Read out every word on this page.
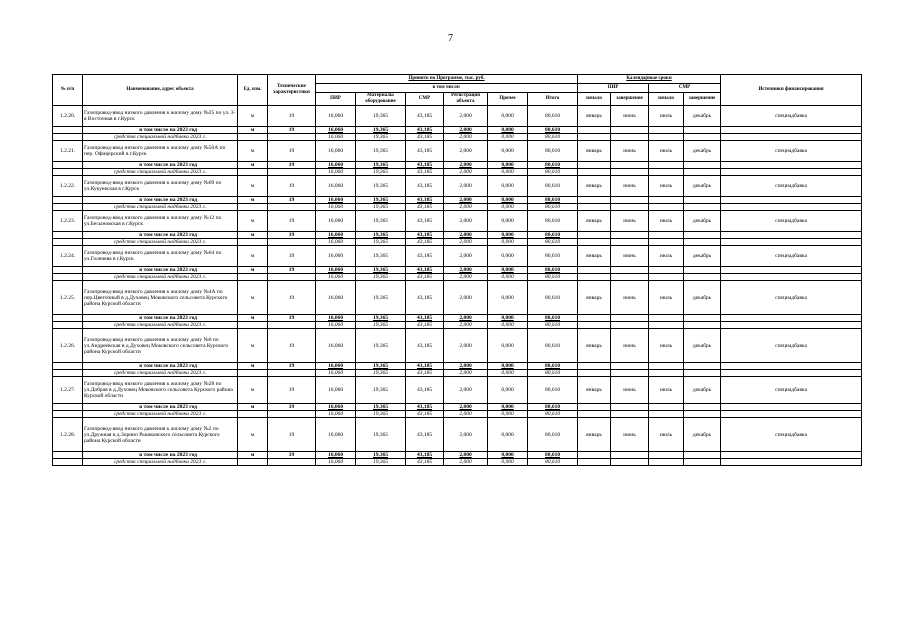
7
№ п/п	Наименование, адрес объекта	Ед. изм.	Технические характеристики	Принято по Программе, тыс. руб.						Календарные сроки				Источники финансирования
				в том числе:						ПИР		СМР		
				ПИР	Материалы оборудование	СМР	Регистрация объекта	Прочее	Итого	начало	завершение	начало	завершение	
1.2.20.	Газопровод-ввод низкого давления к жилому дому №25 по ул. 3-я Восточная в г.Курск	м	19	16,060	19,365	43,185	2,000	0,000	80,610	январь	июнь	июль	декабрь	спецнадбавка
	в том числе на 2023 год	м	19	16,060	19,365	43,185	2,000	0,000	80,610					
	средства специальной надбавки 2023 г.			16,060	19,365	43,185	2,000	0,000	80,610					
1.2.21.	Газопровод-ввод низкого давления к жилому дому №50А по пер. Офицерский в г.Курск	м	19	16,060	19,365	43,185	2,000	0,000	80,610	январь	июнь	июль	декабрь	спецнадбавка
	в том числе на 2023 год	м	19	16,060	19,365	43,185	2,000	0,000	80,610					
	средства специальной надбавки 2023 г.			16,060	19,365	43,185	2,000	0,000	80,610					
1.2.22.	Газопровод-ввод низкого давления к жилому дому №69 по ул.Кукуевская в г.Курск	м	19	16,060	19,365	43,185	2,000	0,000	80,610	январь	июнь	июль	декабрь	спецнадбавка
	в том числе на 2023 год	м	19	16,060	19,365	43,185	2,000	0,000	80,610					
	средства специальной надбавки 2023 г.			16,060	19,365	43,185	2,000	0,000	80,610					
1.2.23.	Газопровод-ввод низкого давления к жилому дому №12 по ул.Бесыновская в г.Курск	м	19	16,060	19,365	43,185	2,000	0,000	80,610	январь	июнь	июль	декабрь	спецнадбавка
	в том числе на 2023 год	м	19	16,060	19,365	43,185	2,000	0,000	80,610					
	средства специальной надбавки 2023 г.			16,060	19,365	43,185	2,000	0,000	80,610					
1.2.24.	Газопровод-ввод низкого давления к жилому дому №64 по ул.Голенева в г.Курск	м	19	16,060	19,365	43,185	2,000	0,000	80,610	январь	июнь	июль	декабрь	спецнадбавка
	в том числе на 2023 год	м	19	16,060	19,365	43,185	2,000	0,000	80,610					
	средства специальной надбавки 2023 г.			16,060	19,365	43,185	2,000	0,000	80,610					
1.2.25.	Газопровод-ввод низкого давления к жилому дому №4А по пер.Цветочный в д.Духовец Моковского сельсовета Курского района Курской области	м	19	16,060	19,365	43,185	2,000	0,000	80,610	январь	июнь	июль	декабрь	спецнадбавка
	в том числе на 2023 год	м	19	16,060	19,365	43,185	2,000	0,000	80,610					
	средства специальной надбавки 2023 г.			16,060	19,365	43,185	2,000	0,000	80,610					
1.2.26.	Газопровод-ввод низкого давления к жилому дому №6 по ул.Андреевская в д.Духовец Моковского сельсовета Курского района Курской области	м	19	16,060	19,365	43,185	2,000	0,000	80,610	январь	июнь	июль	декабрь	спецнадбавка
	в том числе на 2023 год	м	19	16,060	19,365	43,185	2,000	0,000	80,610					
	средства специальной надбавки 2023 г.			16,060	19,365	43,185	2,000	0,000	80,610					
1.2.27.	Газопровод-ввод низкого давления к жилому дому №28 по ул.Добрая в д.Духовец Моковского сельсовета Курского района Курской области	м	19	16,060	19,365	43,185	2,000	0,000	80,610	январь	июнь	июль	декабрь	спецнадбавка
	в том числе на 2023 год	м	19	16,060	19,365	43,185	2,000	0,000	80,610					
	средства специальной надбавки 2023 г.			16,060	19,365	43,185	2,000	0,000	80,610					
1.2.28.	Газопровод-ввод низкого давления к жилому дому №2 по ул.Дружная в д.Зорино Рышковского сельсовета Курского района Курской области	м	19	16,060	19,365	43,185	2,000	0,000	80,610	январь	июнь	июль	декабрь	спецнадбавка
	в том числе на 2023 год	м	19	16,060	19,365	43,185	2,000	0,000	80,610					
	средства специальной надбавки 2023 г.			16,060	19,365	43,185	2,000	0,000	80,610					
